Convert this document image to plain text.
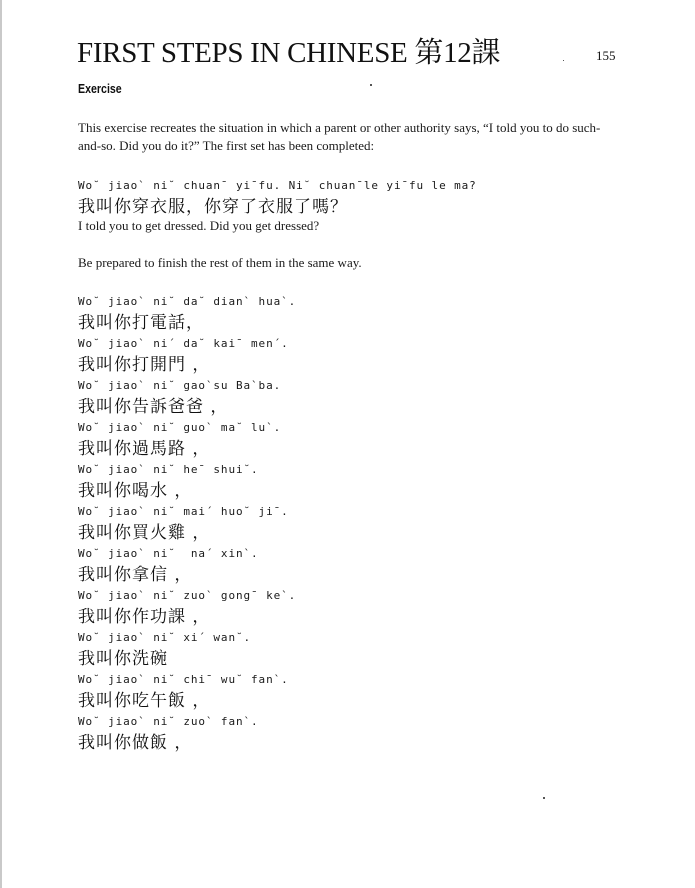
FIRST STEPS IN CHINESE 第12課	155
Exercise
This exercise recreates the situation in which a parent or other authority says, “I told you to do such-and-so. Did you do it?” The first set has been completed:
Wo˘ jiao` ni˘ chuan¯ yi¯fu. Ni˘ chuan¯le yi¯fu le ma?
我叫你穿衣服，你穿了衣服了嗎？
I told you to get dressed. Did you get dressed?
Be prepared to finish the rest of them in the same way.
Wo˘ jiao` ni˘ da˘ dian` hua`.
我叫你打電話，
Wo˘ jiao` ni´ da˘ kai¯ men´.
我叫你打開門 ，
Wo˘ jiao` ni˘ gao`su Ba`ba.
我叫你告訴爸爸 ，
Wo˘ jiao` ni˘ guo` ma˘ lu`.
我叫你過馬路 ，
Wo˘ jiao` ni˘ he¯ shui˘.
我叫你喝水 ，
Wo˘ jiao` ni˘ mai´ huo˘ ji¯.
我叫你買火雞 ，
Wo˘ jiao` ni˘  na´ xin`.
我叫你拿信 ，
Wo˘ jiao` ni˘ zuo` gong¯ ke`.
我叫你作功課 ，
Wo˘ jiao` ni˘ xi´ wan˘.
我叫你洗碗
Wo˘ jiao` ni˘ chi¯ wu˘ fan`.
我叫你吃午飯 ，
Wo˘ jiao` ni˘ zuo` fan`.
我叫你做飯 ，
